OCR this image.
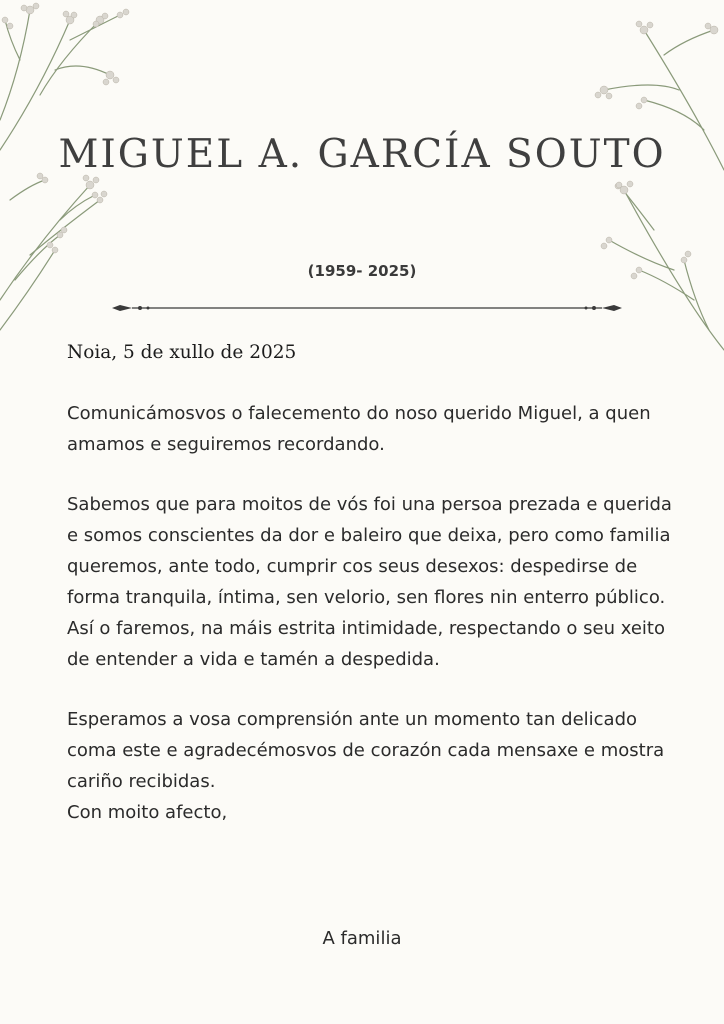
MIGUEL A. GARCÍA SOUTO
(1959- 2025)
Noia, 5 de xullo de 2025

Comunicámosvos o falecemento do noso querido Miguel, a quen amamos e seguiremos recordando.

Sabemos que para moitos de vós foi una persoa prezada e querida e somos conscientes da dor e baleiro que deixa, pero como familia queremos, ante todo, cumprir cos seus desexos: despedirse de forma tranquila, íntima, sen velorio, sen flores nin enterro público. Así o faremos, na máis estrita intimidade, respectando o seu xeito de entender a vida e tamén a despedida.

Esperamos a vosa comprensión ante un momento tan delicado coma este e agradecémosvos de corazón cada mensaxe e mostra cariño recibidas.

Con moito afecto,

A familia
